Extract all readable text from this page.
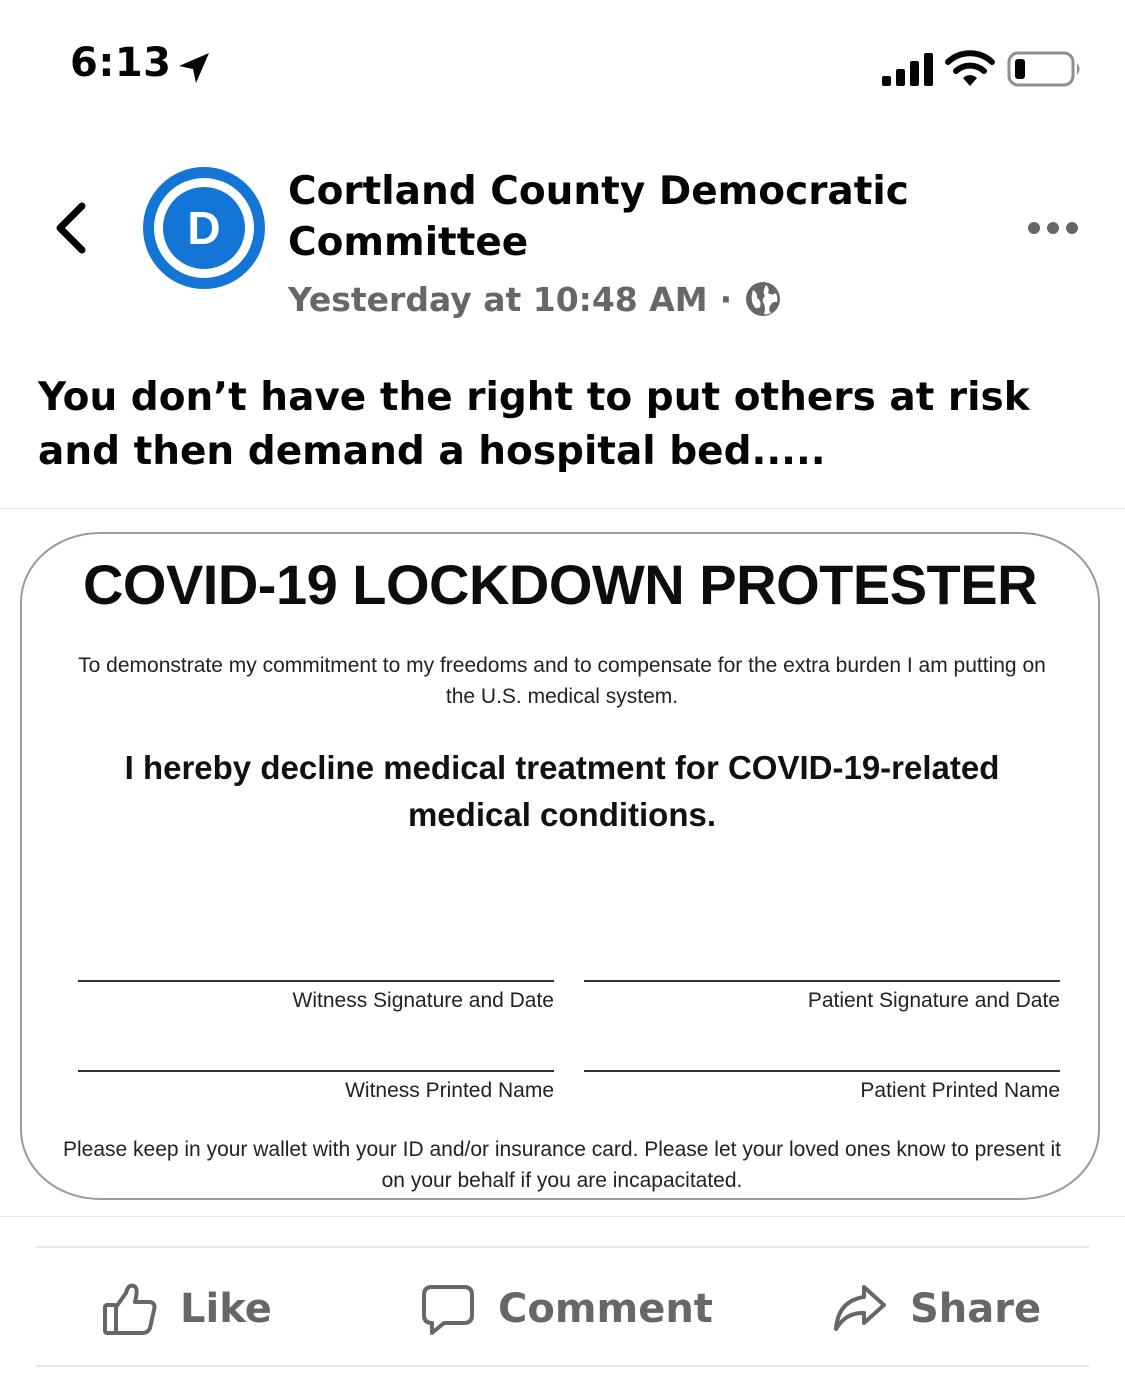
6:13
D
Cortland County Democratic Committee
Yesterday at 10:48 AM ·
You don’t have the right to put others at risk and then demand a hospital bed.....
COVID-19 LOCKDOWN PROTESTER
To demonstrate my commitment to my freedoms and to compensate for the extra burden I am putting on the U.S. medical system.
I hereby decline medical treatment for COVID-19-related medical conditions.
Witness Signature and Date	Patient Signature and Date
Witness Printed Name	Patient Printed Name
Please keep in your wallet with your ID and/or insurance card. Please let your loved ones know to present it on your behalf if you are incapacitated.
Like	Comment	Share
